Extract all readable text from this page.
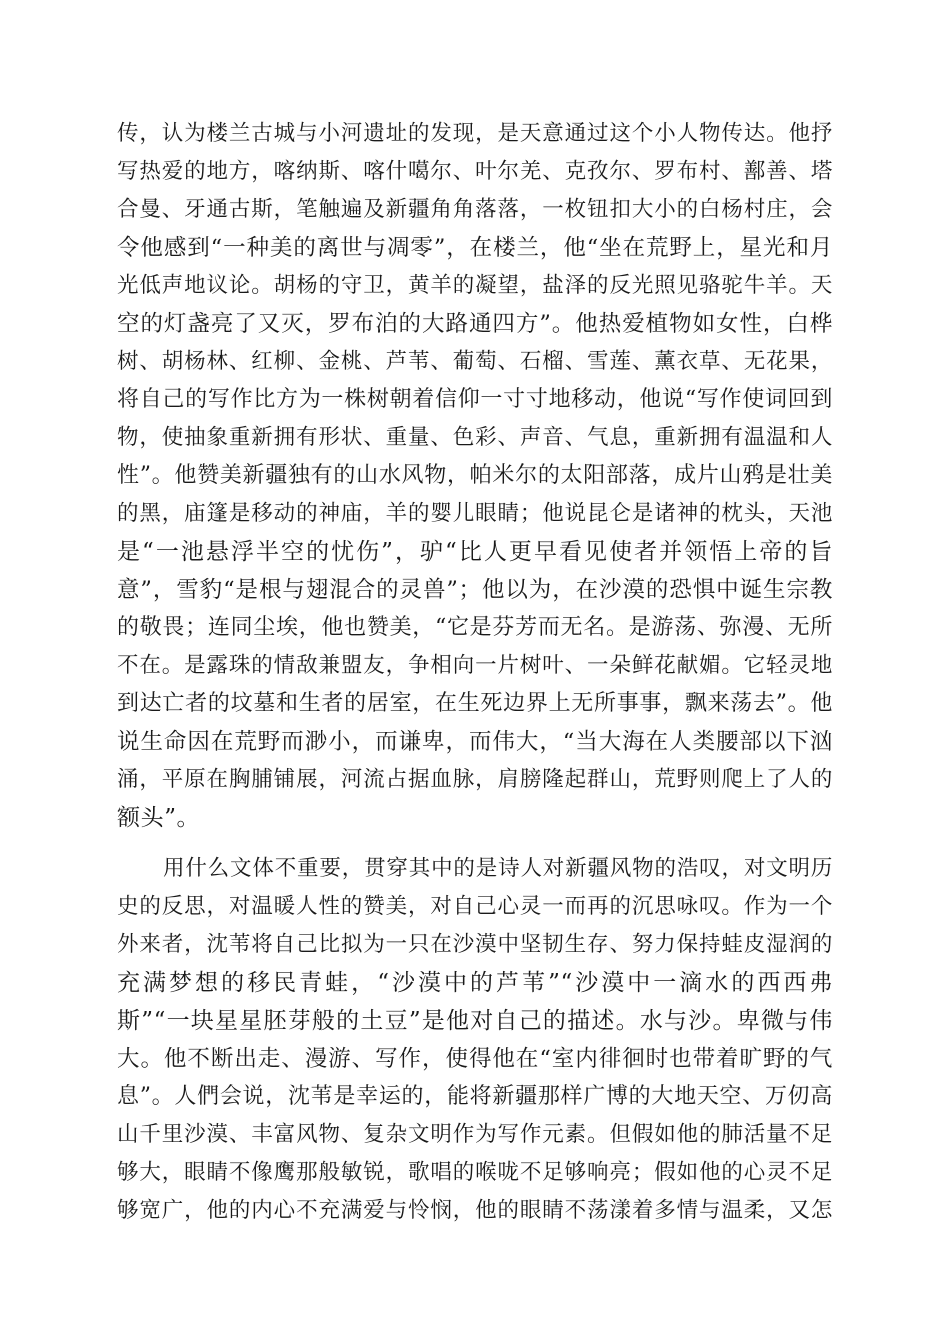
传，认为楼兰古城与小河遗址的发现，是天意通过这个小人物传达。他抒
写热爱的地方，喀纳斯、喀什噶尔、叶尔羌、克孜尔、罗布村、鄯善、塔
合曼、牙通古斯，笔触遍及新疆角角落落，一枚钮扣大小的白杨村庄，会
令他感到“一种美的离世与凋零”，在楼兰，他“坐在荒野上，星光和月
光低声地议论。胡杨的守卫，黄羊的凝望，盐泽的反光照见骆驼牛羊。天
空的灯盏亮了又灭，罗布泊的大路通四方”。他热爱植物如女性，白桦
树、胡杨林、红柳、金桃、芦苇、葡萄、石榴、雪莲、薰衣草、无花果，
将自己的写作比方为一株树朝着信仰一寸寸地移动，他说“写作使词回到
物，使抽象重新拥有形状、重量、色彩、声音、气息，重新拥有温温和人
性”。他赞美新疆独有的山水风物，帕米尔的太阳部落，成片山鸦是壮美
的黑，庙篷是移动的神庙，羊的婴儿眼睛；他说昆仑是诸神的枕头，天池
是“一池悬浮半空的忧伤”，驴“比人更早看见使者并领悟上帝的旨
意”，雪豹“是根与翅混合的灵兽”；他以为，在沙漠的恐惧中诞生宗教
的敬畏；连同尘埃，他也赞美，“它是芬芳而无名。是游荡、弥漫、无所
不在。是露珠的情敌兼盟友，争相向一片树叶、一朵鲜花献媚。它轻灵地
到达亡者的坟墓和生者的居室，在生死边界上无所事事，飘来荡去”。他
说生命因在荒野而渺小，而谦卑，而伟大，“当大海在人类腰部以下汹
涌，平原在胸脯铺展，河流占据血脉，肩膀隆起群山，荒野则爬上了人的
额头”。
用什么文体不重要，贯穿其中的是诗人对新疆风物的浩叹，对文明历
史的反思，对温暖人性的赞美，对自己心灵一而再的沉思咏叹。作为一个
外来者，沈苇将自己比拟为一只在沙漠中坚韧生存、努力保持蛙皮湿润的
充满梦想的移民青蛙，“沙漠中的芦苇”“沙漠中一滴水的西西弗
斯”“一块星星胚芽般的土豆”是他对自己的描述。水与沙。卑微与伟
大。他不断出走、漫游、写作，使得他在“室内徘徊时也带着旷野的气
息”。人們会说，沈苇是幸运的，能将新疆那样广博的大地天空、万仞高
山千里沙漠、丰富风物、复杂文明作为写作元素。但假如他的肺活量不足
够大，眼睛不像鹰那般敏锐，歌唱的喉咙不足够响亮；假如他的心灵不足
够宽广，他的内心不充满爱与怜悯，他的眼睛不荡漾着多情与温柔，又怎
